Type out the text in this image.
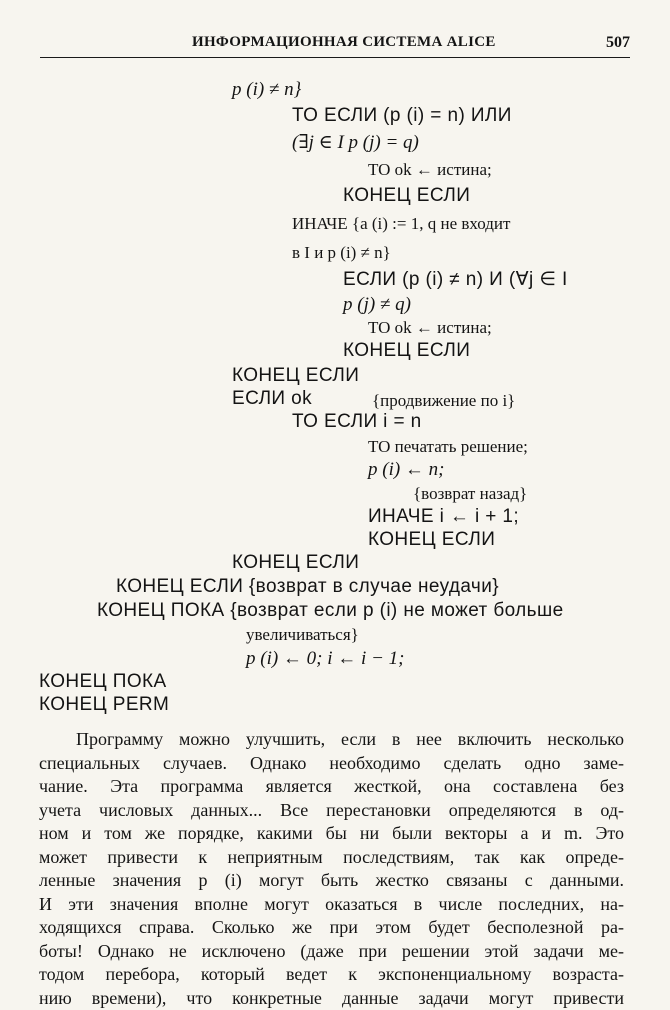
ИНФОРМАЦИОННАЯ СИСТЕМА ALICE	507
p (i) ≠ n}
ТО ЕСЛИ (p (i) = n) ИЛИ
(∃j ∈ I p (j) = q)
ТО ok ← истина;
КОНЕЦ ЕСЛИ
ИНАЧЕ {a (i) := 1, q не входит
в I и p (i) ≠ n}
ЕСЛИ (p (i) ≠ n) И (∀j ∈ I
p (j) ≠ q)
ТО ok ← истина;
КОНЕЦ ЕСЛИ
КОНЕЦ ЕСЛИ
ЕСЛИ ok	{продвижение по i}
ТО ЕСЛИ i = n
ТО печатать решение;
p (i) ← n;
{возврат назад}
ИНАЧЕ i ← i + 1;
КОНЕЦ ЕСЛИ
КОНЕЦ ЕСЛИ
КОНЕЦ ЕСЛИ {возврат в случае неудачи}
КОНЕЦ ПОКА {возврат если p (i) не может больше
увеличиваться}
p (i) ← 0; i ← i − 1;
КОНЕЦ ПОКА
КОНЕЦ PERM
Программу можно улучшить, если в нее включить несколько
специальных случаев. Однако необходимо сделать одно заме-
чание. Эта программа является жесткой, она составлена без
учета числовых данных... Все перестановки определяются в од-
ном и том же порядке, какими бы ни были векторы a и m. Это
может привести к неприятным последствиям, так как опреде-
ленные значения p (i) могут быть жестко связаны с данными.
И эти значения вполне могут оказаться в числе последних, на-
ходящихся справа. Сколько же при этом будет бесполезной ра-
боты! Однако не исключено (даже при решении этой задачи ме-
тодом перебора, который ведет к экспоненциальному возраста-
нию времени), что конкретные данные задачи могут привести
